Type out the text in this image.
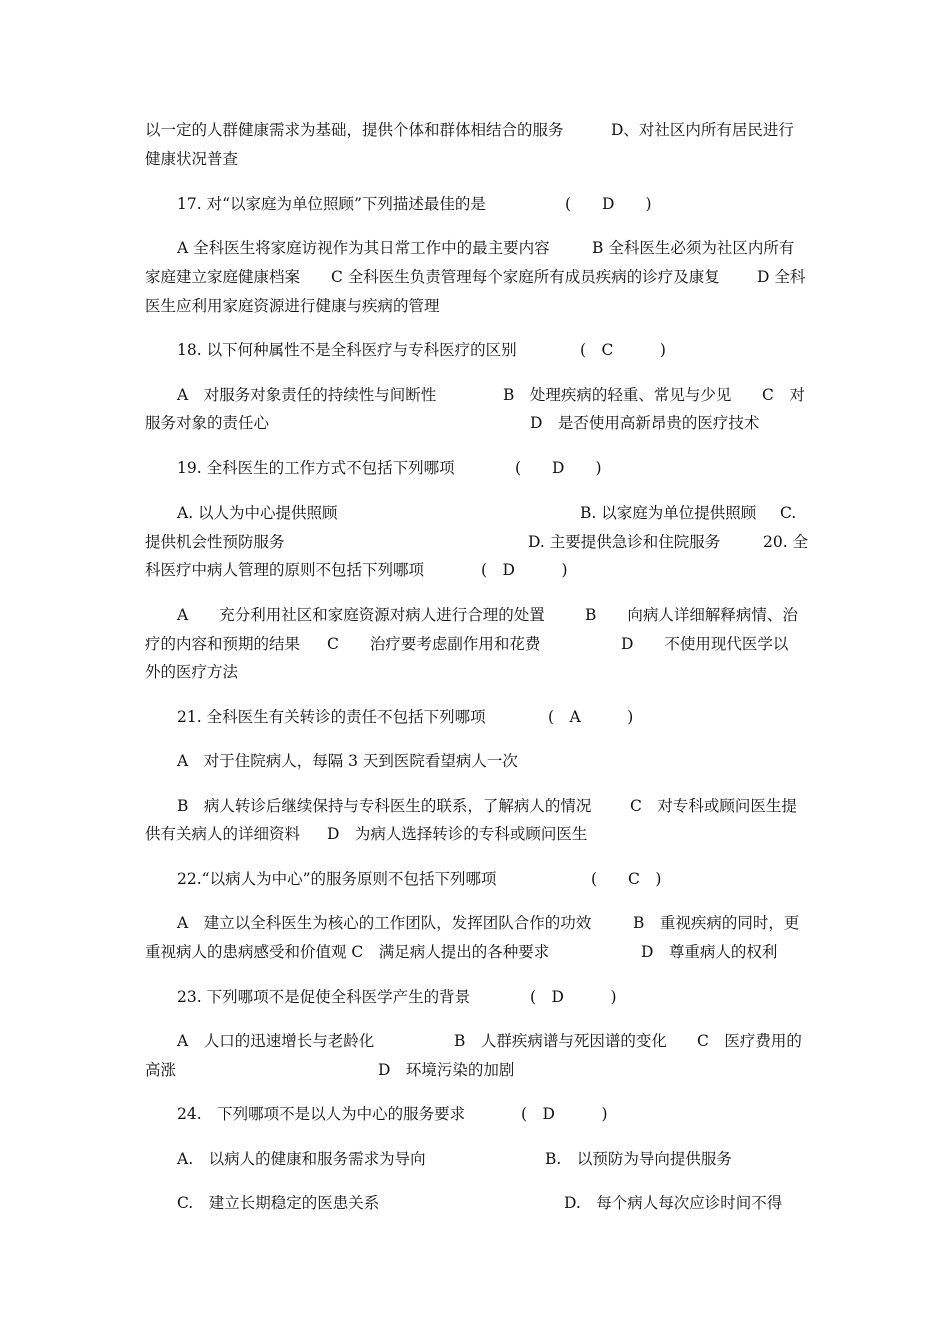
以一定的人群健康需求为基础，提供个体和群体相结合的服务

	D、对社区内所有居民进行

健康状况普查

17. 对“以家庭为单位照顾”下列描述最佳的是

	(　　D　　)

A 全科医生将家庭访视作为其日常工作中的最主要内容

	B 全科医生必须为社区内所有

家庭建立家庭健康档案

C 全科医生负责管理每个家庭所有成员疾病的诊疗及康复

D 全科

医生应利用家庭资源进行健康与疾病的管理

18. 以下何种属性不是全科医疗与专科医疗的区别

	(　C　　　)

A　对服务对象责任的持续性与间断性

	B　处理疾病的轻重、常见与少见

C　对

服务对象的责任心

	D　是否使用高新昂贵的医疗技术

19. 全科医生的工作方式不包括下列哪项

	(　　D　　)

A. 以人为中心提供照顾

	B. 以家庭为单位提供照顾

C.

提供机会性预防服务

	D. 主要提供急诊和住院服务

	20. 全

科医疗中病人管理的原则不包括下列哪项

	(　D　　　)

A　　充分利用社区和家庭资源对病人进行合理的处置

	B　　向病人详细解释病情、治

疗的内容和预期的结果

C　　治疗要考虑副作用和花费

	D　　不使用现代医学以

外的医疗方法

21. 全科医生有关转诊的责任不包括下列哪项

	(　A　　　)

A　对于住院病人，每隔 3 天到医院看望病人一次

B　病人转诊后继续保持与专科医生的联系，了解病人的情况

C　对专科或顾问医生提

供有关病人的详细资料

D　为病人选择转诊的专科或顾问医生

22.“以病人为中心”的服务原则不包括下列哪项

	(　　C　)

A　建立以全科医生为核心的工作团队，发挥团队合作的功效

	B　重视疾病的同时，更

重视病人的患病感受和价值观 C　满足病人提出的各种要求

	D　尊重病人的权利

23. 下列哪项不是促使全科医学产生的背景

	(　D　　　)

A　人口的迅速增长与老龄化

	B　人群疾病谱与死因谱的变化

C　医疗费用的

高涨

	D　环境污染的加剧

24.　下列哪项不是以人为中心的服务要求

	(　D　　　)

A.　以病人的健康和服务需求为导向

	B.　以预防为导向提供服务

C.　建立长期稳定的医患关系

	D.　每个病人每次应诊时间不得
